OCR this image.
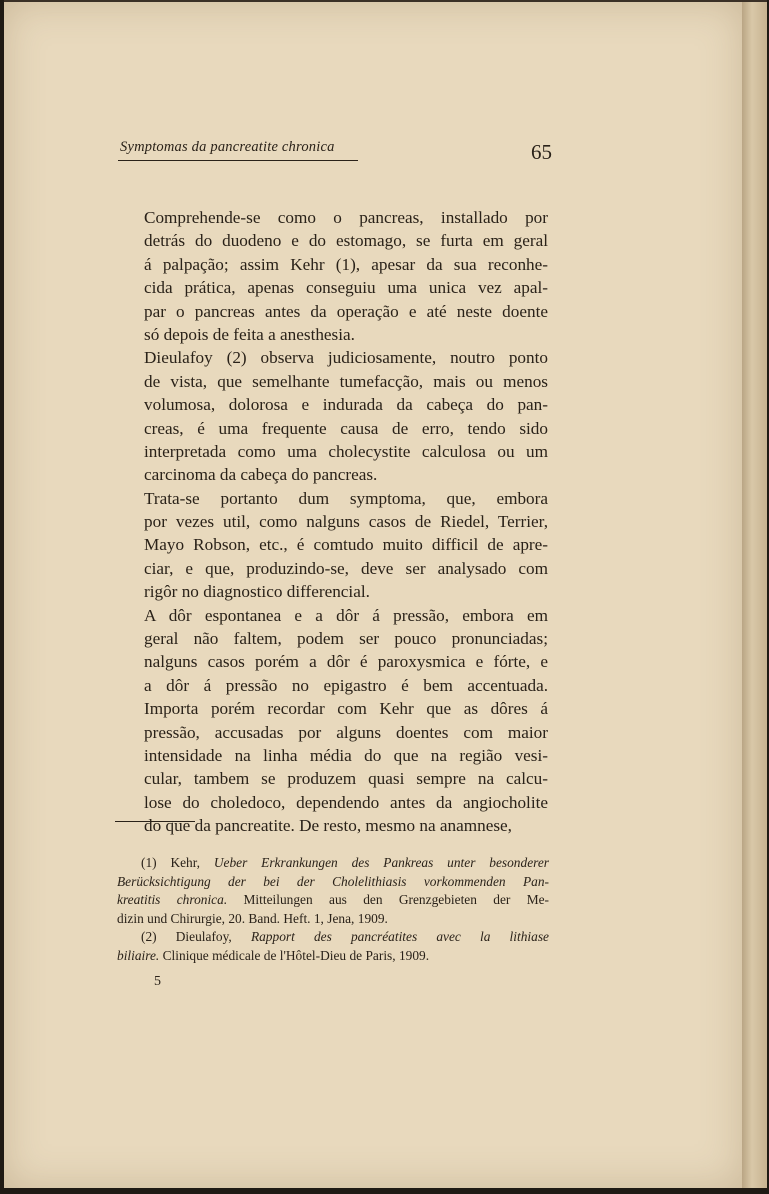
Symptomas da pancreatite chronica	65
Comprehende-se como o pancreas, installado por
detrás do duodeno e do estomago, se furta em geral
á palpação; assim Kehr (1), apesar da sua reconhe-
cida prática, apenas conseguiu uma unica vez apal-
par o pancreas antes da operação e até neste doente
só depois de feita a anesthesia.
Dieulafoy (2) observa judiciosamente, noutro ponto
de vista, que semelhante tumefacção, mais ou menos
volumosa, dolorosa e indurada da cabeça do pan-
creas, é uma frequente causa de erro, tendo sido
interpretada como uma cholecystite calculosa ou um
carcinoma da cabeça do pancreas.
Trata-se portanto dum symptoma, que, embora
por vezes util, como nalguns casos de Riedel, Terrier,
Mayo Robson, etc., é comtudo muito difficil de apre-
ciar, e que, produzindo-se, deve ser analysado com
rigôr no diagnostico differencial.
A dôr espontanea e a dôr á pressão, embora em
geral não faltem, podem ser pouco pronunciadas;
nalguns casos porém a dôr é paroxysmica e fórte, e
a dôr á pressão no epigastro é bem accentuada.
Importa porém recordar com Kehr que as dôres á
pressão, accusadas por alguns doentes com maior
intensidade na linha média do que na região vesi-
cular, tambem se produzem quasi sempre na calcu-
lose do choledoco, dependendo antes da angiocholite
do que da pancreatite. De resto, mesmo na anamnese,
(1) Kehr, Ueber Erkrankungen des Pankreas unter besonderer
Berücksichtigung der bei der Cholelithiasis vorkommenden Pan-
kreatitis chronica. Mitteilungen aus den Grenzgebieten der Me-
dizin und Chirurgie, 20. Band. Heft. 1, Jena, 1909.
(2) Dieulafoy, Rapport des pancréatites avec la lithiase
biliaire. Clinique médicale de l'Hôtel-Dieu de Paris, 1909.
5
